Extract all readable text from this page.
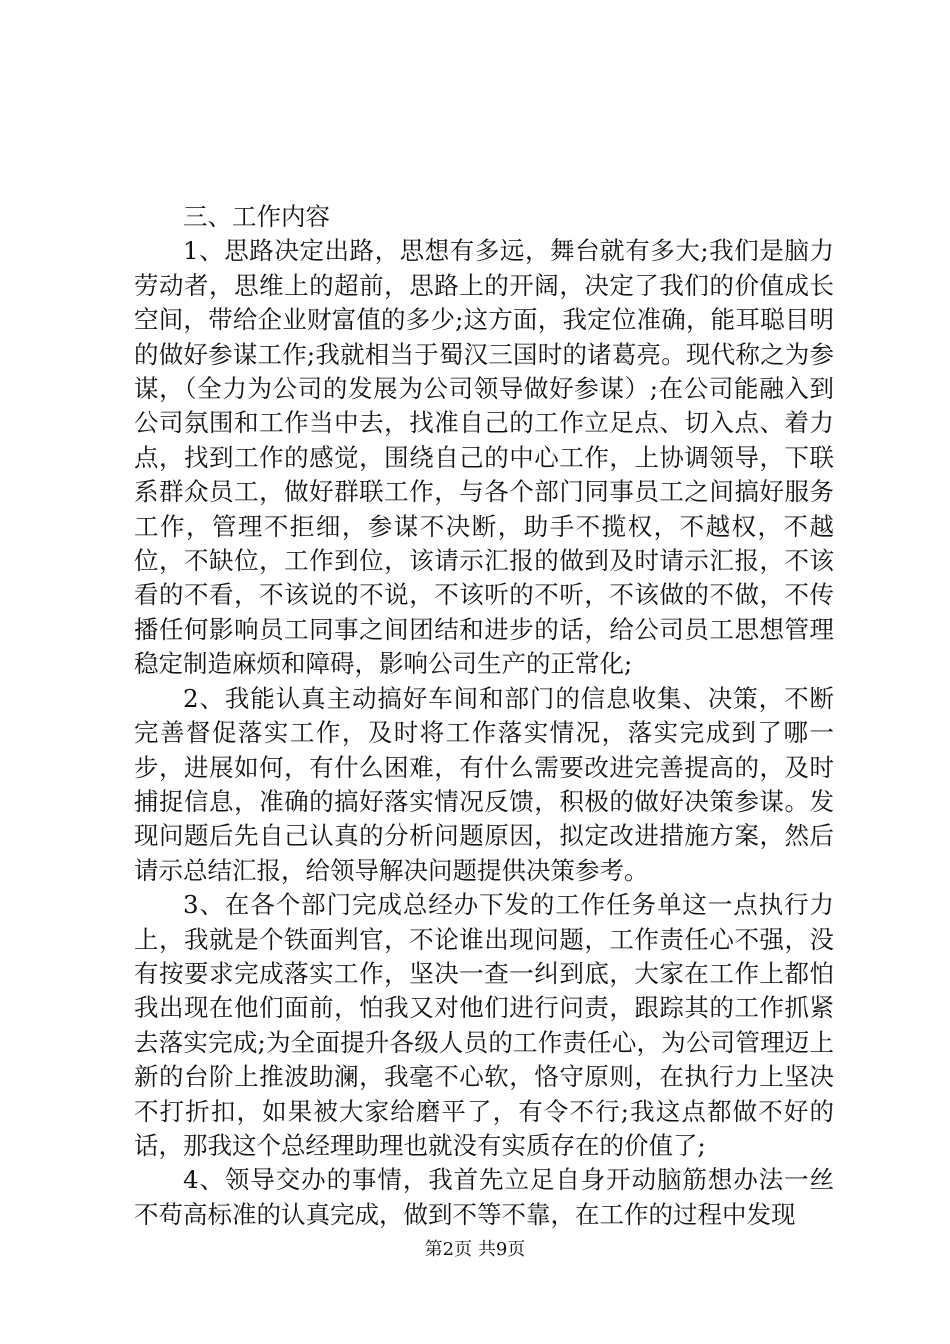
三、工作内容

1、思路决定出路，思想有多远，舞台就有多大;我们是脑力劳动者，思维上的超前，思路上的开阔，决定了我们的价值成长空间，带给企业财富值的多少;这方面，我定位准确，能耳聪目明的做好参谋工作;我就相当于蜀汉三国时的诸葛亮。现代称之为参谋，（全力为公司的发展为公司领导做好参谋）;在公司能融入到公司氛围和工作当中去，找准自己的工作立足点、切入点、着力点，找到工作的感觉，围绕自己的中心工作，上协调领导，下联系群众员工，做好群联工作，与各个部门同事员工之间搞好服务工作，管理不拒细，参谋不决断，助手不揽权，不越权，不越位，不缺位，工作到位，该请示汇报的做到及时请示汇报，不该看的不看，不该说的不说，不该听的不听，不该做的不做，不传播任何影响员工同事之间团结和进步的话，给公司员工思想管理稳定制造麻烦和障碍，影响公司生产的正常化;

2、我能认真主动搞好车间和部门的信息收集、决策，不断完善督促落实工作，及时将工作落实情况，落实完成到了哪一步，进展如何，有什么困难，有什么需要改进完善提高的，及时捕捉信息，准确的搞好落实情况反馈，积极的做好决策参谋。发现问题后先自己认真的分析问题原因，拟定改进措施方案，然后请示总结汇报，给领导解决问题提供决策参考。

3、在各个部门完成总经办下发的工作任务单这一点执行力上，我就是个铁面判官，不论谁出现问题，工作责任心不强，没有按要求完成落实工作，坚决一查一纠到底，大家在工作上都怕我出现在他们面前，怕我又对他们进行问责，跟踪其的工作抓紧去落实完成;为全面提升各级人员的工作责任心，为公司管理迈上新的台阶上推波助澜，我毫不心软，恪守原则，在执行力上坚决不打折扣，如果被大家给磨平了，有令不行;我这点都做不好的话，那我这个总经理助理也就没有实质存在的价值了;

4、领导交办的事情，我首先立足自身开动脑筋想办法一丝不苟高标准的认真完成，做到不等不靠，在工作的过程中发现

第2页 共9页
